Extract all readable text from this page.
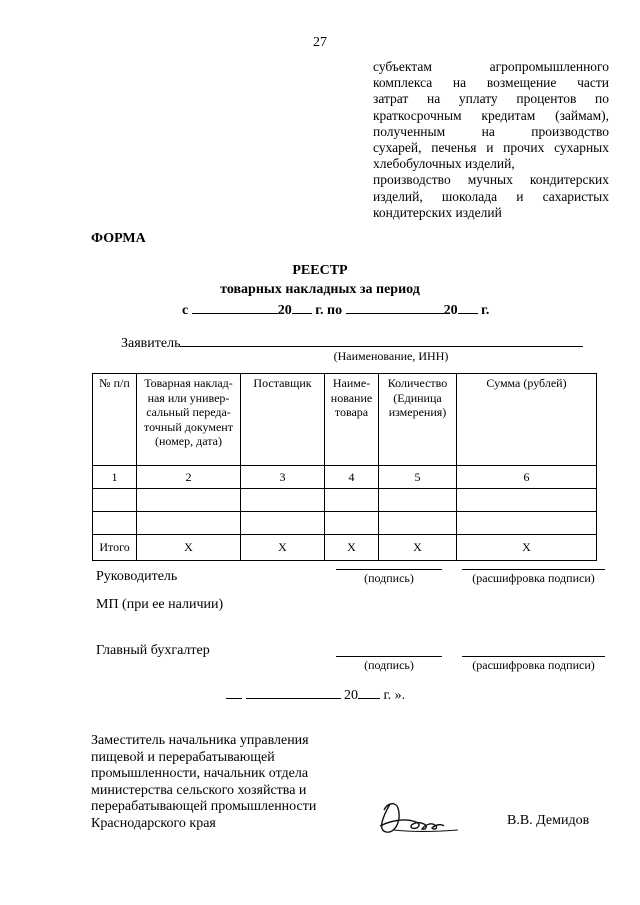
27
субъектам агропромышленного
комплекса на возмещение части
затрат на уплату процентов по
краткосрочным кредитам (займам),
полученным на производство
сухарей, печенья и прочих сухарных
хлебобулочных изделий,
производство мучных кондитерских
изделий, шоколада и сахаристых
кондитерских изделий
ФОРМА
РЕЕСТР
товарных накладных за период
с	20 г. по	20 г.
Заявитель
(Наименование, ИНН)
№ п/п	Товарная наклад-ная или универ-сальный переда-точный документ (номер, дата)	Поставщик	Наиме-нование товара	Количество (Единица измерения)	Сумма (рублей)
1	2	3	4	5	6

Итого	Х	Х	Х	Х	Х
Руководитель	(подпись)	(расшифровка подписи)
МП (при ее наличии)
Главный бухгалтер
(подпись)	(расшифровка подписи)
20 г. ».
Заместитель начальника управления
пищевой и перерабатывающей
промышленности, начальник отдела
министерства сельского хозяйства и
перерабатывающей промышленности
Краснодарского края	В.В. Демидов
